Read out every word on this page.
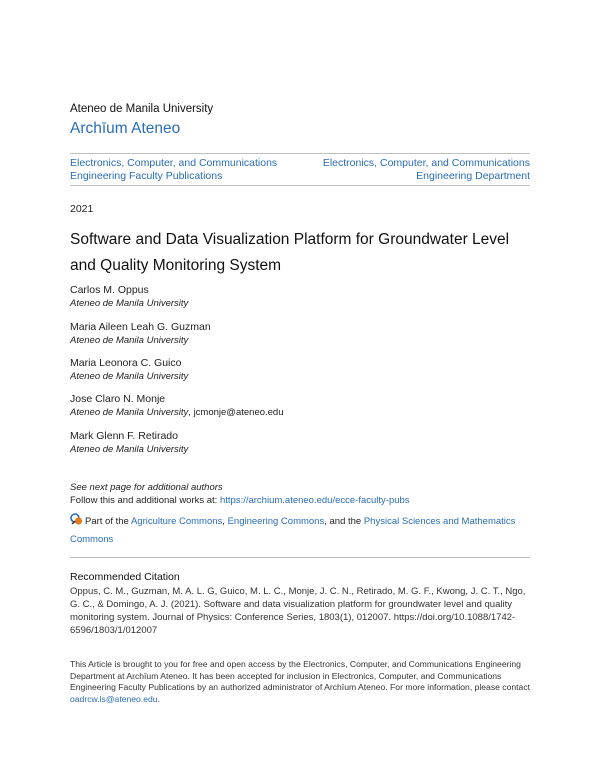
Ateneo de Manila University
Archīum Ateneo
Electronics, Computer, and Communications
Engineering Faculty Publications
Electronics, Computer, and Communications
Engineering Department
2021
Software and Data Visualization Platform for Groundwater Level and Quality Monitoring System
Carlos M. Oppus
Ateneo de Manila University
Maria Aileen Leah G. Guzman
Ateneo de Manila University
Maria Leonora C. Guico
Ateneo de Manila University
Jose Claro N. Monje
Ateneo de Manila University, jcmonje@ateneo.edu
Mark Glenn F. Retirado
Ateneo de Manila University
See next page for additional authors
Follow this and additional works at: https://archium.ateneo.edu/ecce-faculty-pubs
Part of the Agriculture Commons, Engineering Commons, and the Physical Sciences and Mathematics Commons
Recommended Citation
Oppus, C. M., Guzman, M. A. L. G, Guico, M. L. C., Monje, J. C. N., Retirado, M. G. F., Kwong, J. C. T., Ngo, G. C., & Domingo, A. J. (2021). Software and data visualization platform for groundwater level and quality monitoring system. Journal of Physics: Conference Series, 1803(1), 012007. https://doi.org/10.1088/1742-6596/1803/1/012007
This Article is brought to you for free and open access by the Electronics, Computer, and Communications Engineering Department at Archīum Ateneo. It has been accepted for inclusion in Electronics, Computer, and Communications Engineering Faculty Publications by an authorized administrator of Archīum Ateneo. For more information, please contact oadrcw.ls@ateneo.edu.
